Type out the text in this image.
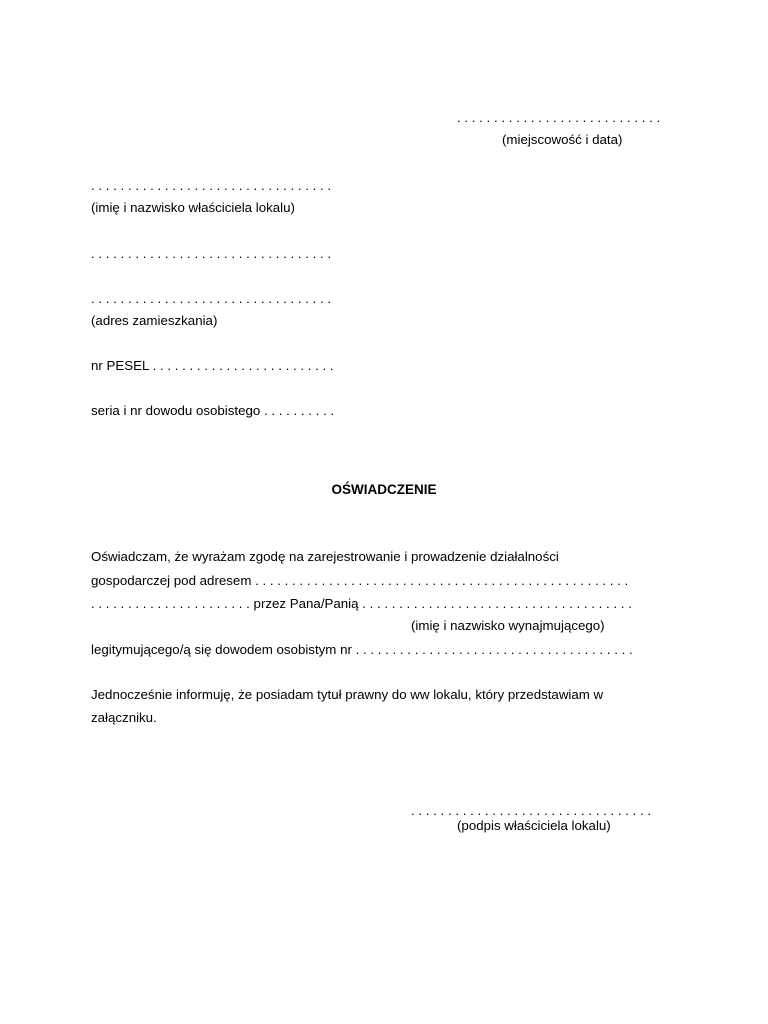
. . . . . . . . . . . . . . . . . . . . . . . . . . . .
(miejscowość i data)
. . . . . . . . . . . . . . . . . . . . . . . . . . . . . . . . .
(imię i nazwisko właściciela lokalu)
. . . . . . . . . . . . . . . . . . . . . . . . . . . . . . . . .
. . . . . . . . . . . . . . . . . . . . . . . . . . . . . . . . .
(adres zamieszkania)
nr PESEL . . . . . . . . . . . . . . . . . . . . . . . . .
seria i nr dowodu osobistego . . . . . . . . . .
OŚWIADCZENIE
Oświadczam, że wyrażam zgodę na zarejestrowanie i prowadzenie działalności
gospodarczej pod adresem . . . . . . . . . . . . . . . . . . . . . . . . . . . . . . . . . . . . . . . . . . . . . . . . . . .
. . . . . . . . . . . . . . . . . . . . . . przez Pana/Panią . . . . . . . . . . . . . . . . . . . . . . . . . . . . . . . . . . . . .
(imię i nazwisko wynajmującego)
legitymującego/ą się dowodem osobistym nr . . . . . . . . . . . . . . . . . . . . . . . . . . . . . . . . . . . . . .
Jednocześnie informuję, że posiadam tytuł prawny do ww lokalu, który przedstawiam w
załączniku.
. . . . . . . . . . . . . . . . . . . . . . . . . . . . . . . . .
(podpis właściciela lokalu)
